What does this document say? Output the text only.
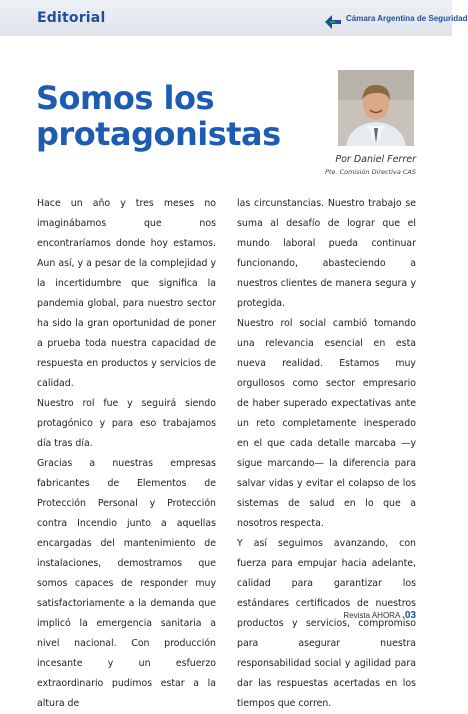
Editorial	Cámara Argentina de Seguridad
Somos los
protagonistas
Por Daniel Ferrer
Pte. Comisión Directiva CAS

Hace un año y tres meses no imaginábamos que nos encontraríamos donde hoy estamos. Aun así, y a pesar de la complejidad y la incertidumbre que significa la pandemia global, para nuestro sector ha sido la gran oportunidad de poner a prueba toda nuestra capacidad de respuesta en productos y servicios de calidad.

Nuestro rol fue y seguirá siendo protagónico y para eso trabajamos día tras día.

Gracias a nuestras empresas fabricantes de Elementos de Protección Personal y Protección contra Incendio junto a aquellas encargadas del mantenimiento de instalaciones, demostramos que somos capaces de responder muy satisfactoriamente a la demanda que implicó la emergencia sanitaria a nivel nacional. Con producción incesante y un esfuerzo extraordinario pudimos estar a la altura de

las circunstancias. Nuestro trabajo se suma al desafío de lograr que el mundo laboral pueda continuar funcionando, abasteciendo a nuestros clientes de manera segura y protegida.

Nuestro rol social cambió tomando una relevancia esencial en esta nueva realidad. Estamos muy orgullosos como sector empresario de haber superado expectativas ante un reto completamente inesperado en el que cada detalle marcaba —y sigue marcando— la diferencia para salvar vidas y evitar el colapso de los sistemas de salud en lo que a nosotros respecta.

Y así seguimos avanzando, con fuerza para empujar hacia adelante, calidad para garantizar los estándares certificados de nuestros productos y servicios, compromiso para asegurar nuestra responsabilidad social y agilidad para dar las respuestas acertadas en los tiempos que corren.

Revista AHORA .03
